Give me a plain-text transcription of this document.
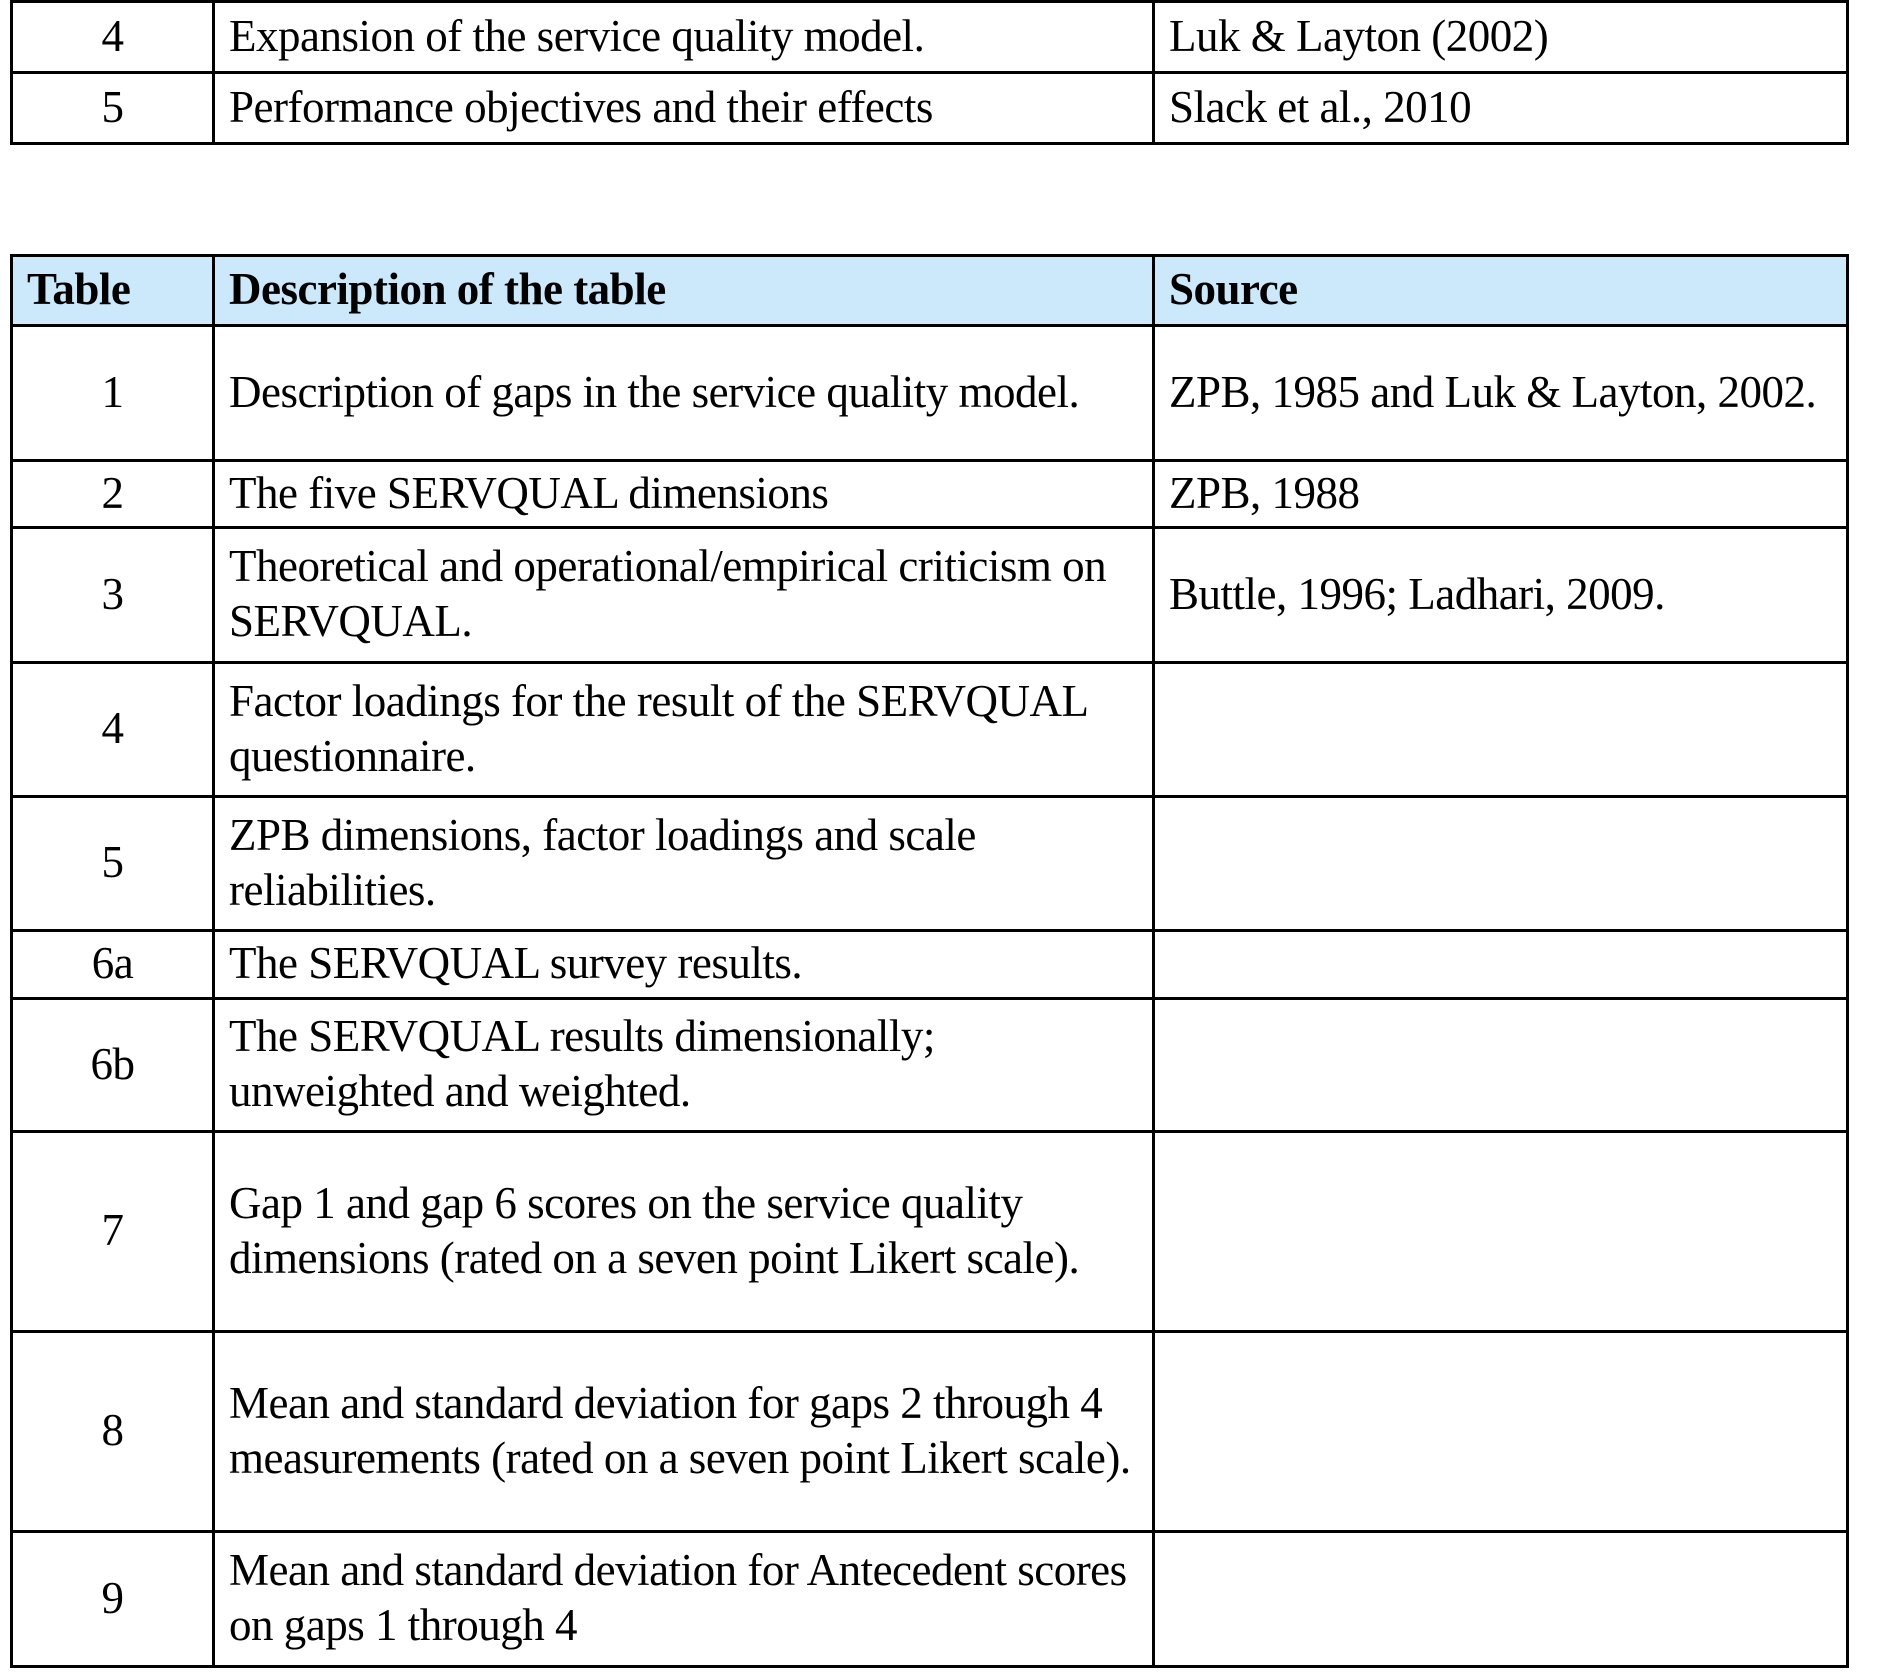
4	Expansion of the service quality model.	Luk & Layton (2002)
5	Performance objectives and their effects	Slack et al., 2010
Table	Description of the table	Source
1	Description of gaps in the service quality model.	ZPB, 1985 and Luk & Layton, 2002.
2	The five SERVQUAL dimensions	ZPB, 1988
3	Theoretical and operational/empirical criticism on SERVQUAL.	Buttle, 1996; Ladhari, 2009.
4	Factor loadings for the result of the SERVQUAL questionnaire.	
5	ZPB dimensions, factor loadings and scale reliabilities.	
6a	The SERVQUAL survey results.	
6b	The SERVQUAL results dimensionally; unweighted and weighted.	
7	Gap 1 and gap 6 scores on the service quality dimensions (rated on a seven point Likert scale).	
8	Mean and standard deviation for gaps 2 through 4 measurements (rated on a seven point Likert scale).	
9	Mean and standard deviation for Antecedent scores on gaps 1 through 4	
